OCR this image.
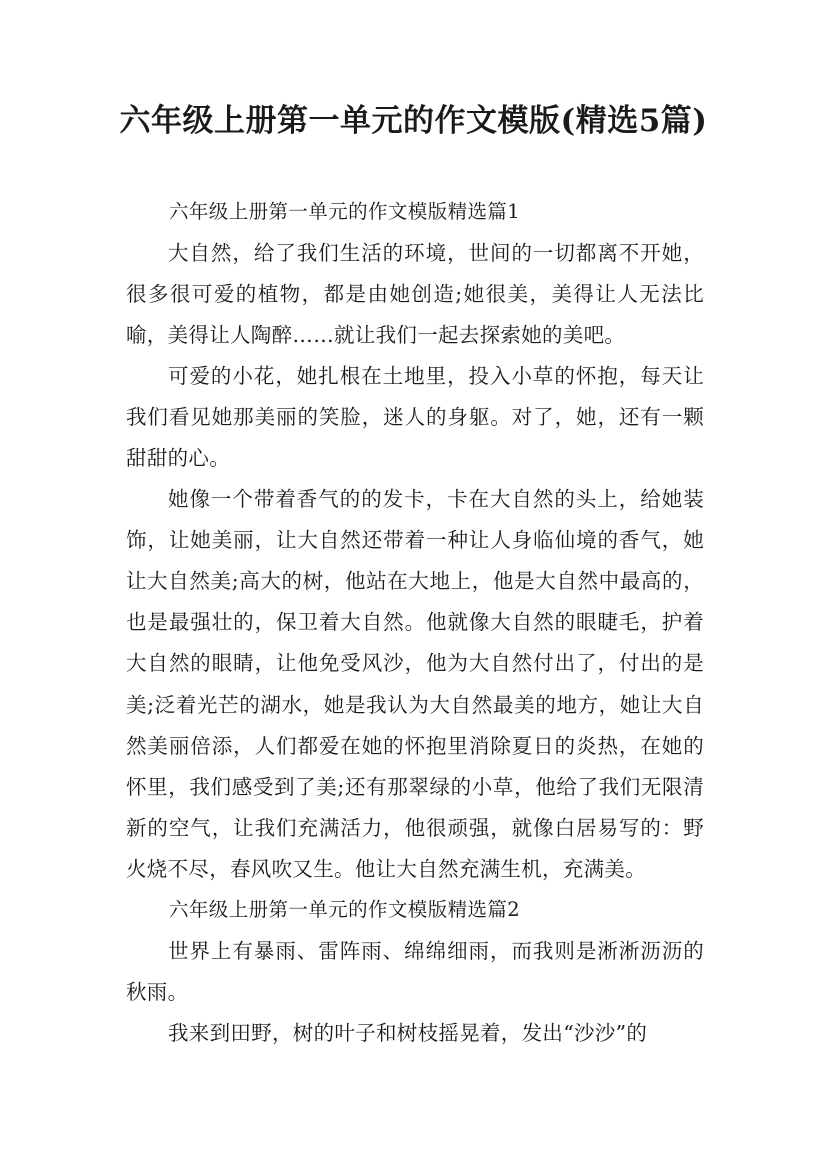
六年级上册第一单元的作文模版(精选5篇)

六年级上册第一单元的作文模版精选篇1

大自然，给了我们生活的环境，世间的一切都离不开她，很多很可爱的植物，都是由她创造;她很美，美得让人无法比喻，美得让人陶醉……就让我们一起去探索她的美吧。

可爱的小花，她扎根在土地里，投入小草的怀抱，每天让我们看见她那美丽的笑脸，迷人的身躯。对了，她，还有一颗甜甜的心。

她像一个带着香气的的发卡，卡在大自然的头上，给她装饰，让她美丽，让大自然还带着一种让人身临仙境的香气，她让大自然美;高大的树，他站在大地上，他是大自然中最高的，也是最强壮的，保卫着大自然。他就像大自然的眼睫毛，护着大自然的眼睛，让他免受风沙，他为大自然付出了，付出的是美;泛着光芒的湖水，她是我认为大自然最美的地方，她让大自然美丽倍添，人们都爱在她的怀抱里消除夏日的炎热，在她的怀里，我们感受到了美;还有那翠绿的小草，他给了我们无限清新的空气，让我们充满活力，他很顽强，就像白居易写的：野火烧不尽，春风吹又生。他让大自然充满生机，充满美。

六年级上册第一单元的作文模版精选篇2

世界上有暴雨、雷阵雨、绵绵细雨，而我则是淅淅沥沥的秋雨。

我来到田野，树的叶子和树枝摇晃着，发出“沙沙”的
